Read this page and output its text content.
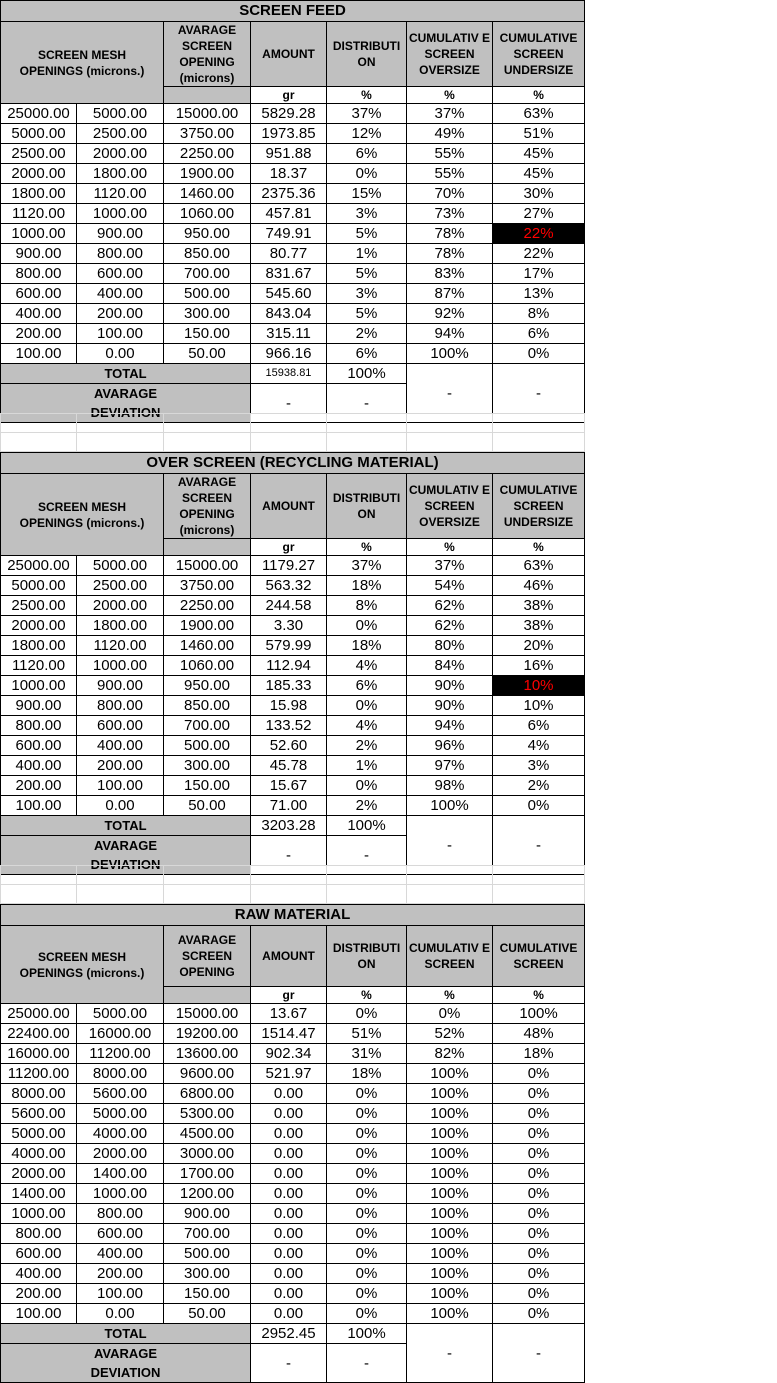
SCREEN FEED						
SCREEN MESH OPENINGS (microns.)		AVARAGE SCREEN OPENING (microns)	AMOUNT	DISTRIBUTI ON	CUMULATIV E SCREEN OVERSIZE	CUMULATIVE SCREEN UNDERSIZE
			gr	%	%	%
25000.00	5000.00	15000.00	5829.28	37%	37%	63%
5000.00	2500.00	3750.00	1973.85	12%	49%	51%
2500.00	2000.00	2250.00	951.88	6%	55%	45%
2000.00	1800.00	1900.00	18.37	0%	55%	45%
1800.00	1120.00	1460.00	2375.36	15%	70%	30%
1120.00	1000.00	1060.00	457.81	3%	73%	27%
1000.00	900.00	950.00	749.91	5%	78%	22%
900.00	800.00	850.00	80.77	1%	78%	22%
800.00	600.00	700.00	831.67	5%	83%	17%
600.00	400.00	500.00	545.60	3%	87%	13%
400.00	200.00	300.00	843.04	5%	92%	8%
200.00	100.00	150.00	315.11	2%	94%	6%
100.00	0.00	50.00	966.16	6%	100%	0%
TOTAL			15938.81	100%	-	-
AVARAGE			-	-		
DEVIATION						
OVER SCREEN (RECYCLING MATERIAL)						
SCREEN MESH OPENINGS (microns.)		AVARAGE SCREEN OPENING (microns)	AMOUNT	DISTRIBUTI ON	CUMULATIV E SCREEN OVERSIZE	CUMULATIVE SCREEN UNDERSIZE
			gr	%	%	%
25000.00	5000.00	15000.00	1179.27	37%	37%	63%
5000.00	2500.00	3750.00	563.32	18%	54%	46%
2500.00	2000.00	2250.00	244.58	8%	62%	38%
2000.00	1800.00	1900.00	3.30	0%	62%	38%
1800.00	1120.00	1460.00	579.99	18%	80%	20%
1120.00	1000.00	1060.00	112.94	4%	84%	16%
1000.00	900.00	950.00	185.33	6%	90%	10%
900.00	800.00	850.00	15.98	0%	90%	10%
800.00	600.00	700.00	133.52	4%	94%	6%
600.00	400.00	500.00	52.60	2%	96%	4%
400.00	200.00	300.00	45.78	1%	97%	3%
200.00	100.00	150.00	15.67	0%	98%	2%
100.00	0.00	50.00	71.00	2%	100%	0%
TOTAL			3203.28	100%	-	-
AVARAGE			-	-		
DEVIATION						
RAW MATERIAL						
SCREEN MESH OPENINGS (microns.)		AVARAGE SCREEN OPENING	AMOUNT	DISTRIBUTI ON	CUMULATIV E SCREEN	CUMULATIVE SCREEN
			gr	%	%	%
25000.00	5000.00	15000.00	13.67	0%	0%	100%
22400.00	16000.00	19200.00	1514.47	51%	52%	48%
16000.00	11200.00	13600.00	902.34	31%	82%	18%
11200.00	8000.00	9600.00	521.97	18%	100%	0%
8000.00	5600.00	6800.00	0.00	0%	100%	0%
5600.00	5000.00	5300.00	0.00	0%	100%	0%
5000.00	4000.00	4500.00	0.00	0%	100%	0%
4000.00	2000.00	3000.00	0.00	0%	100%	0%
2000.00	1400.00	1700.00	0.00	0%	100%	0%
1400.00	1000.00	1200.00	0.00	0%	100%	0%
1000.00	800.00	900.00	0.00	0%	100%	0%
800.00	600.00	700.00	0.00	0%	100%	0%
600.00	400.00	500.00	0.00	0%	100%	0%
400.00	200.00	300.00	0.00	0%	100%	0%
200.00	100.00	150.00	0.00	0%	100%	0%
100.00	0.00	50.00	0.00	0%	100%	0%
TOTAL			2952.45	100%	-	-
AVARAGE			-	-		
DEVIATION						
